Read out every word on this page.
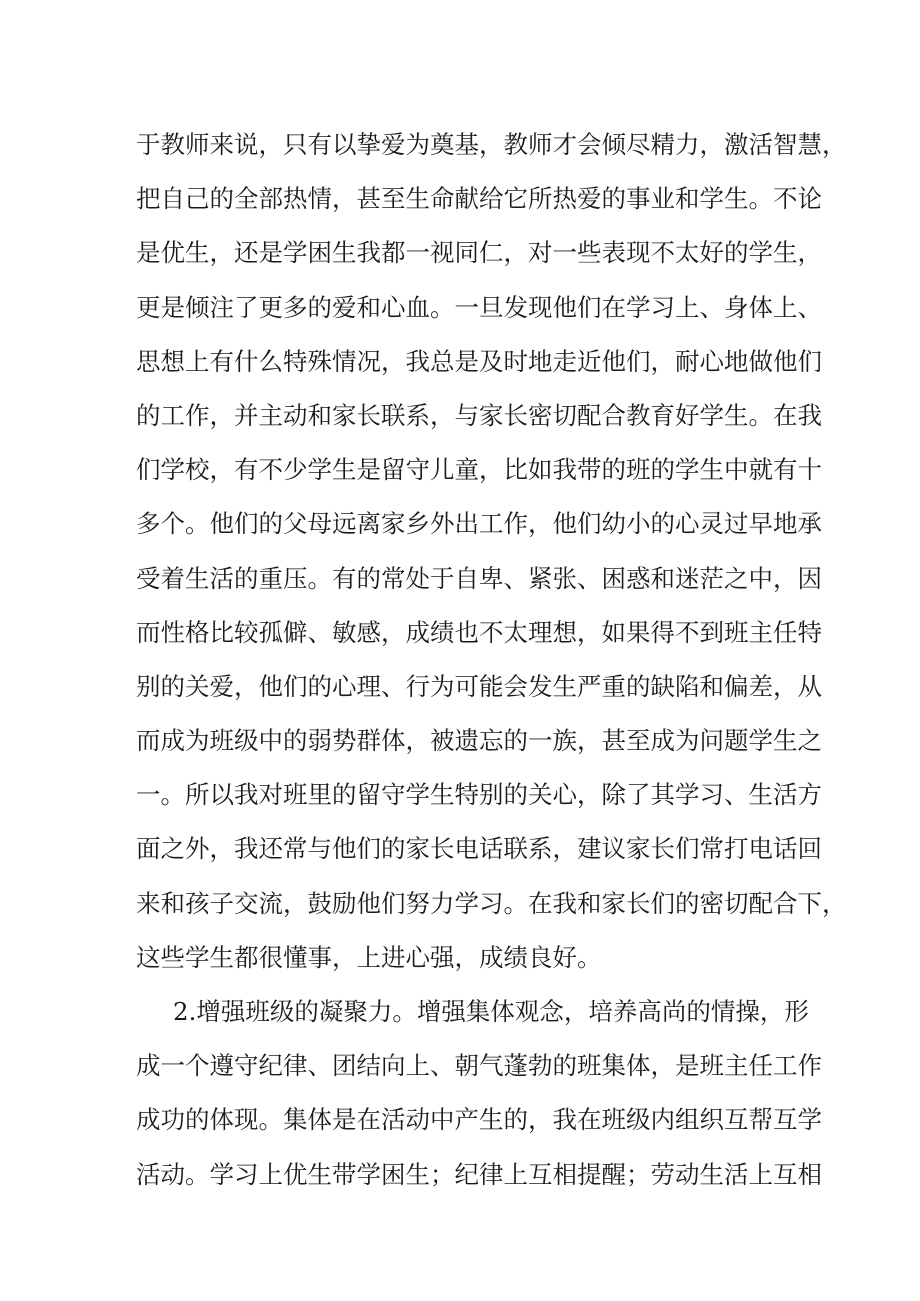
于教师来说，只有以挚爱为奠基，教师才会倾尽精力，激活智慧，
把自己的全部热情，甚至生命献给它所热爱的事业和学生。不论
是优生，还是学困生我都一视同仁，对一些表现不太好的学生，
更是倾注了更多的爱和心血。一旦发现他们在学习上、身体上、
思想上有什么特殊情况，我总是及时地走近他们，耐心地做他们
的工作，并主动和家长联系，与家长密切配合教育好学生。在我
们学校，有不少学生是留守儿童，比如我带的班的学生中就有十
多个。他们的父母远离家乡外出工作，他们幼小的心灵过早地承
受着生活的重压。有的常处于自卑、紧张、困惑和迷茫之中，因
而性格比较孤僻、敏感，成绩也不太理想，如果得不到班主任特
别的关爱，他们的心理、行为可能会发生严重的缺陷和偏差，从
而成为班级中的弱势群体，被遗忘的一族，甚至成为问题学生之
一。所以我对班里的留守学生特别的关心，除了其学习、生活方
面之外，我还常与他们的家长电话联系，建议家长们常打电话回
来和孩子交流，鼓励他们努力学习。在我和家长们的密切配合下，
这些学生都很懂事，上进心强，成绩良好。
2.增强班级的凝聚力。增强集体观念，培养高尚的情操，形
成一个遵守纪律、团结向上、朝气蓬勃的班集体，是班主任工作
成功的体现。集体是在活动中产生的，我在班级内组织互帮互学
活动。学习上优生带学困生；纪律上互相提醒；劳动生活上互相
